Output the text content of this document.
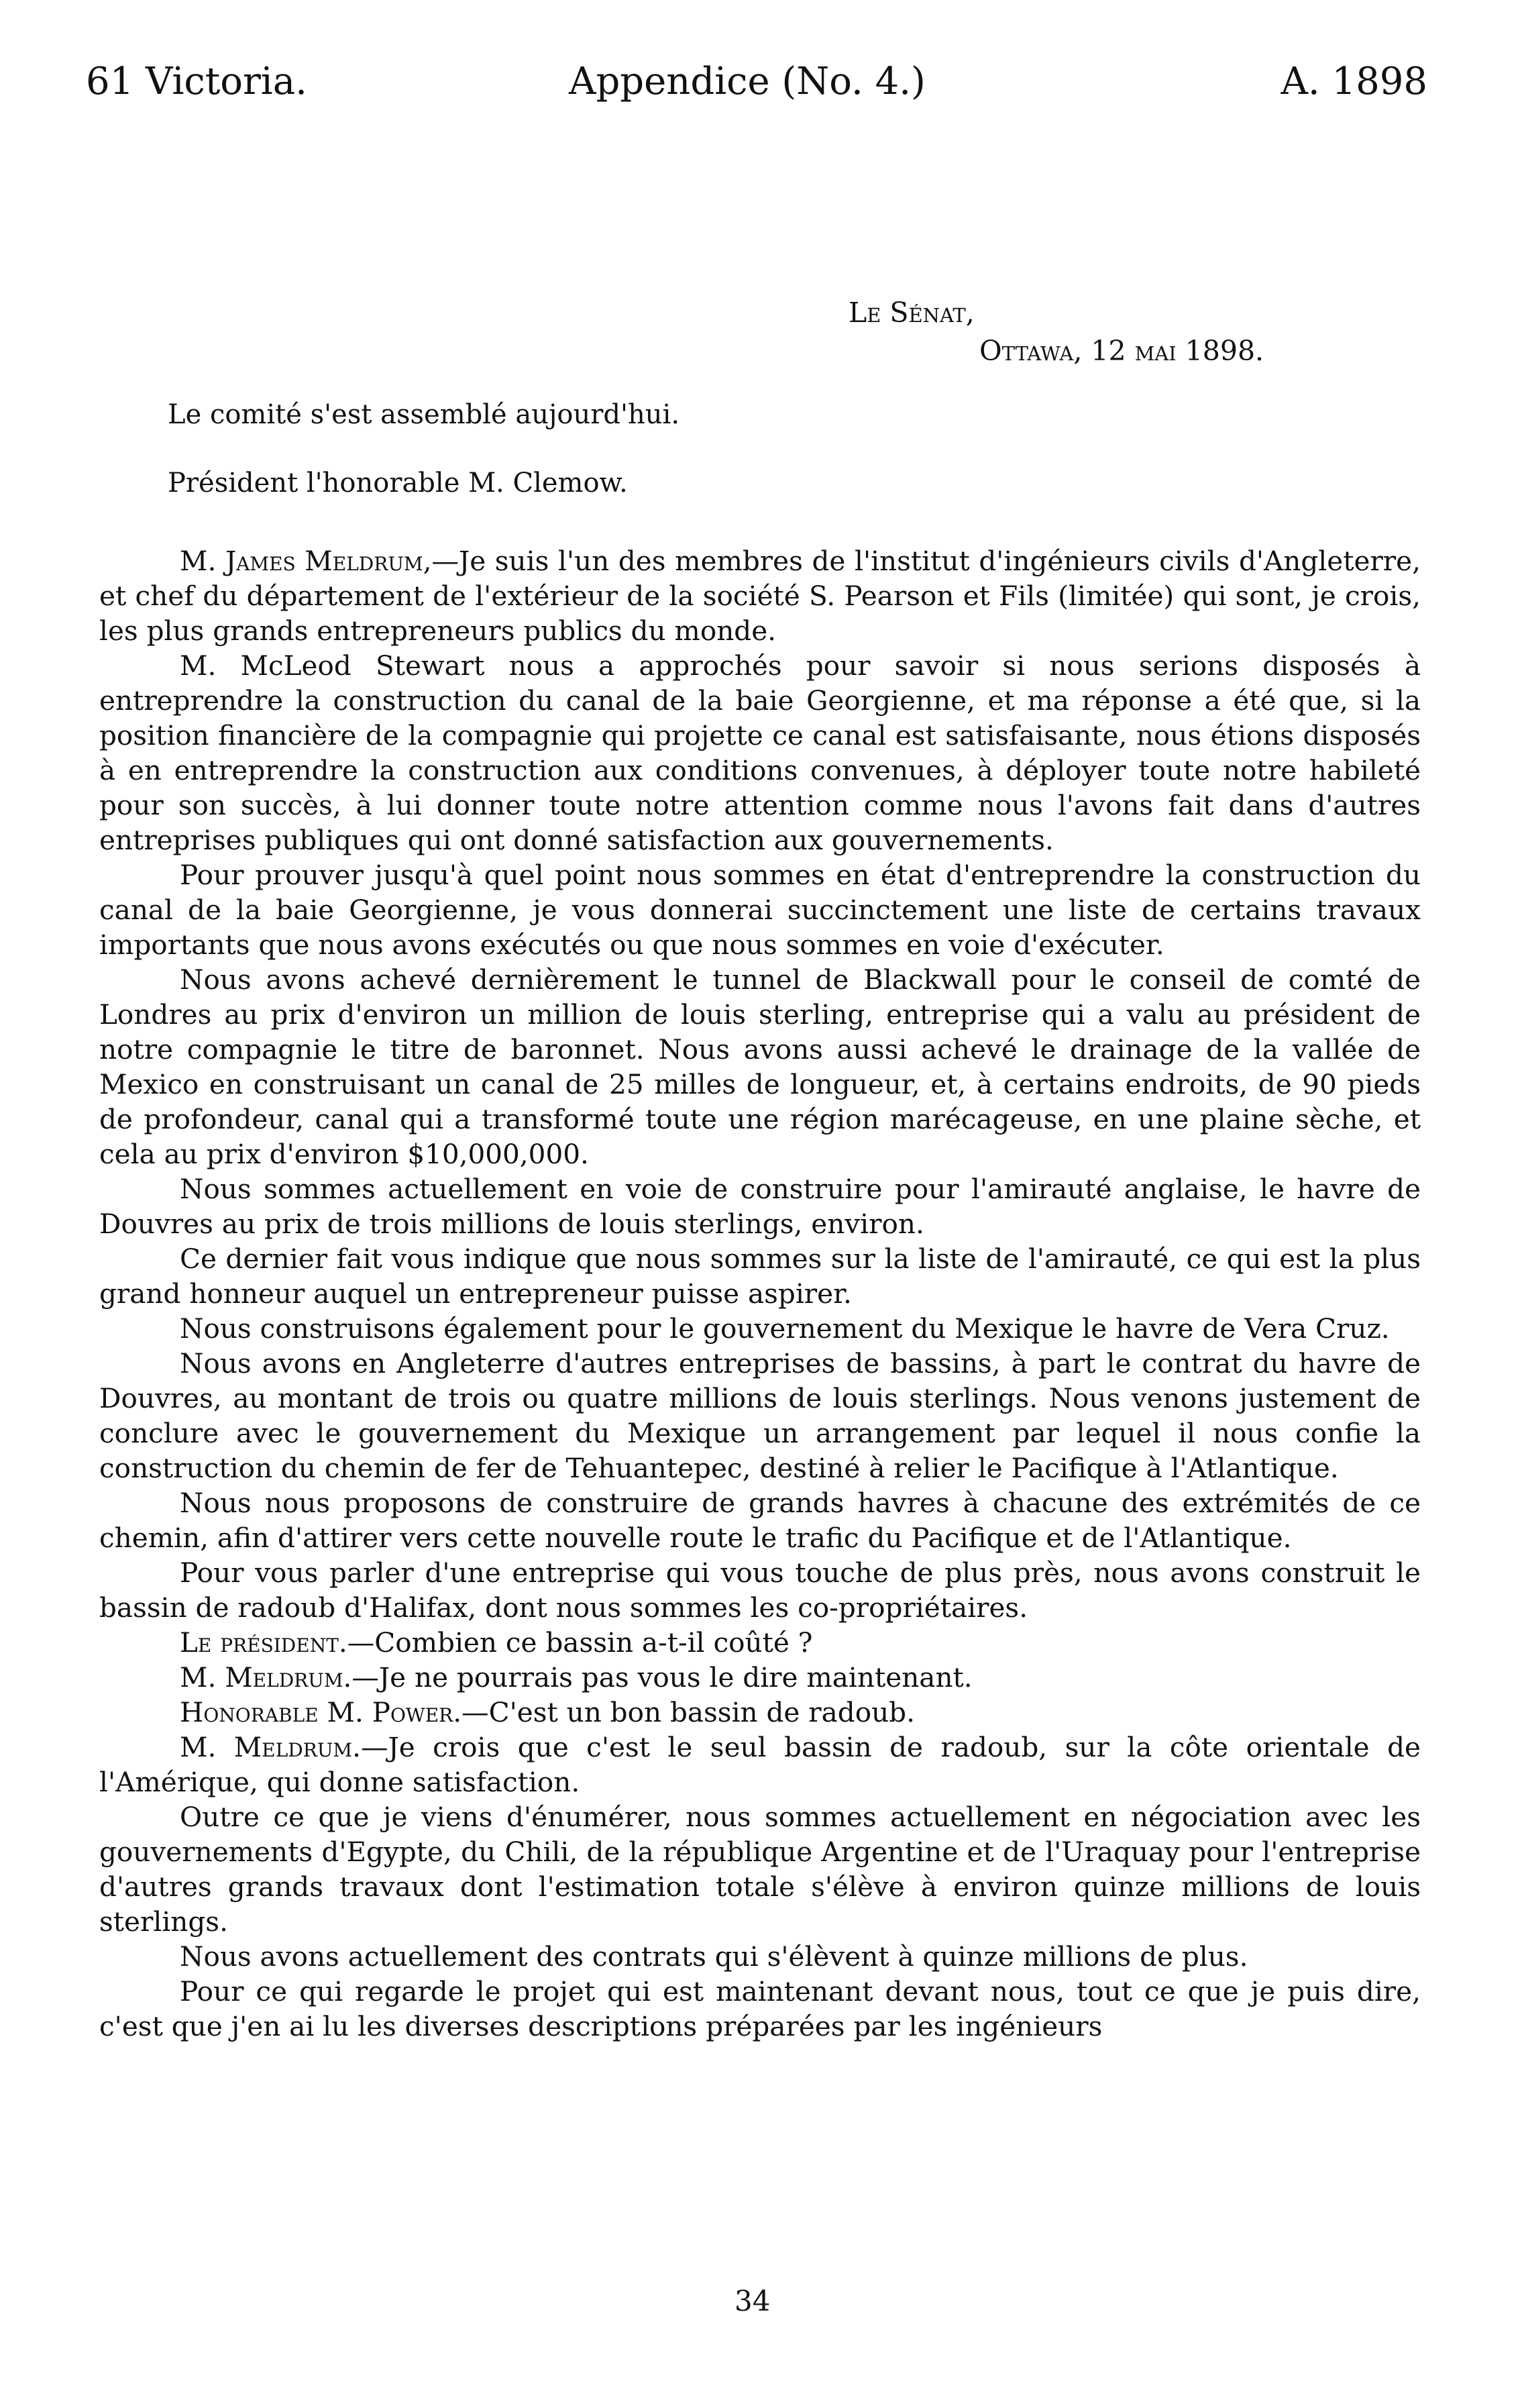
61 Victoria.	Appendice (No. 4.)	A. 1898
Le Sénat,
Ottawa, 12 mai 1898.
Le comité s'est assemblé aujourd'hui.
Président l'honorable M. Clemow.

M. James Meldrum,—Je suis l'un des membres de l'institut d'ingénieurs civils d'Angleterre, et chef du département de l'extérieur de la société S. Pearson et Fils (limitée) qui sont, je crois, les plus grands entrepreneurs publics du monde.

M. McLeod Stewart nous a approchés pour savoir si nous serions disposés à entreprendre la construction du canal de la baie Georgienne, et ma réponse a été que, si la position financière de la compagnie qui projette ce canal est satisfaisante, nous étions disposés à en entreprendre la construction aux conditions convenues, à déployer toute notre habileté pour son succès, à lui donner toute notre attention comme nous l'avons fait dans d'autres entreprises publiques qui ont donné satisfaction aux gouvernements.

Pour prouver jusqu'à quel point nous sommes en état d'entreprendre la construction du canal de la baie Georgienne, je vous donnerai succinctement une liste de certains travaux importants que nous avons exécutés ou que nous sommes en voie d'exécuter.

Nous avons achevé dernièrement le tunnel de Blackwall pour le conseil de comté de Londres au prix d'environ un million de louis sterling, entreprise qui a valu au président de notre compagnie le titre de baronnet. Nous avons aussi achevé le drainage de la vallée de Mexico en construisant un canal de 25 milles de longueur, et, à certains endroits, de 90 pieds de profondeur, canal qui a transformé toute une région marécageuse, en une plaine sèche, et cela au prix d'environ $10,000,000.

Nous sommes actuellement en voie de construire pour l'amirauté anglaise, le havre de Douvres au prix de trois millions de louis sterlings, environ.

Ce dernier fait vous indique que nous sommes sur la liste de l'amirauté, ce qui est la plus grand honneur auquel un entrepreneur puisse aspirer.

Nous construisons également pour le gouvernement du Mexique le havre de Vera Cruz.

Nous avons en Angleterre d'autres entreprises de bassins, à part le contrat du havre de Douvres, au montant de trois ou quatre millions de louis sterlings. Nous venons justement de conclure avec le gouvernement du Mexique un arrangement par lequel il nous confie la construction du chemin de fer de Tehuantepec, destiné à relier le Pacifique à l'Atlantique.

Nous nous proposons de construire de grands havres à chacune des extrémités de ce chemin, afin d'attirer vers cette nouvelle route le trafic du Pacifique et de l'Atlantique.

Pour vous parler d'une entreprise qui vous touche de plus près, nous avons construit le bassin de radoub d'Halifax, dont nous sommes les co-propriétaires.

Le président.—Combien ce bassin a-t-il coûté ?

M. Meldrum.—Je ne pourrais pas vous le dire maintenant.

Honorable M. Power.—C'est un bon bassin de radoub.

M. Meldrum.—Je crois que c'est le seul bassin de radoub, sur la côte orientale de l'Amérique, qui donne satisfaction.

Outre ce que je viens d'énumérer, nous sommes actuellement en négociation avec les gouvernements d'Egypte, du Chili, de la république Argentine et de l'Uraquay pour l'entreprise d'autres grands travaux dont l'estimation totale s'élève à environ quinze millions de louis sterlings.

Nous avons actuellement des contrats qui s'élèvent à quinze millions de plus.

Pour ce qui regarde le projet qui est maintenant devant nous, tout ce que je puis dire, c'est que j'en ai lu les diverses descriptions préparées par les ingénieurs

34
